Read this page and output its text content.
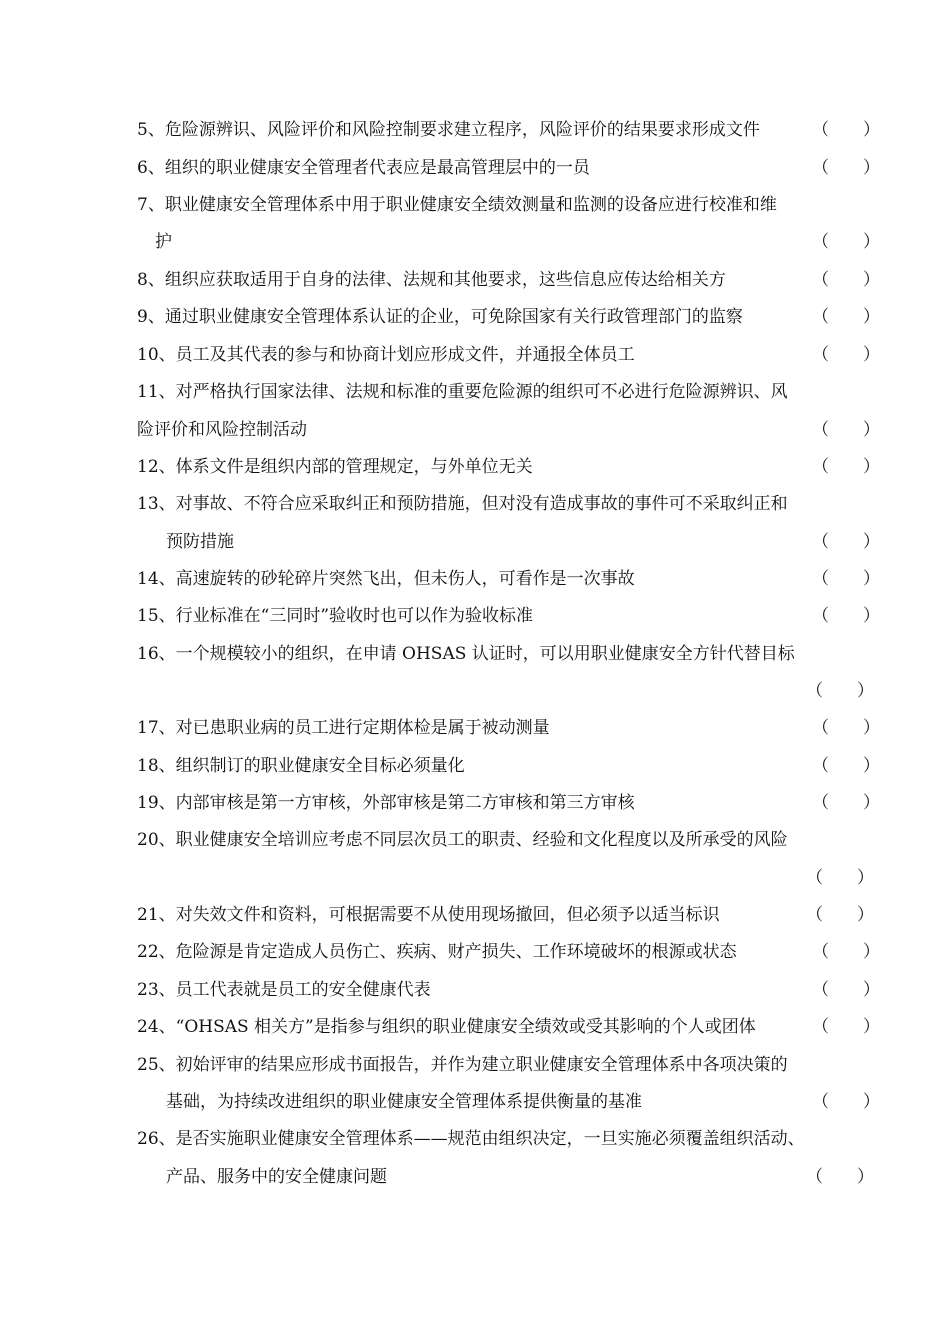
5、危险源辨识、风险评价和风险控制要求建立程序，风险评价的结果要求形成文件	（　　）
6、组织的职业健康安全管理者代表应是最高管理层中的一员	（　　）
7、职业健康安全管理体系中用于职业健康安全绩效测量和监测的设备应进行校准和维
护	（　　）
8、组织应获取适用于自身的法律、法规和其他要求，这些信息应传达给相关方	（　　）
9、通过职业健康安全管理体系认证的企业，可免除国家有关行政管理部门的监察	（　　）
10、员工及其代表的参与和协商计划应形成文件，并通报全体员工	（　　）
11、对严格执行国家法律、法规和标准的重要危险源的组织可不必进行危险源辨识、风
险评价和风险控制活动	（　　）
12、体系文件是组织内部的管理规定，与外单位无关	（　　）
13、对事故、不符合应采取纠正和预防措施，但对没有造成事故的事件可不采取纠正和
预防措施	（　　）
14、高速旋转的砂轮碎片突然飞出，但未伤人，可看作是一次事故	（　　）
15、行业标准在“三同时”验收时也可以作为验收标准	（　　）
16、一个规模较小的组织，在申请 OHSAS 认证时，可以用职业健康安全方针代替目标
（　　）
17、对已患职业病的员工进行定期体检是属于被动测量	（　　）
18、组织制订的职业健康安全目标必须量化	（　　）
19、内部审核是第一方审核，外部审核是第二方审核和第三方审核	（　　）
20、职业健康安全培训应考虑不同层次员工的职责、经验和文化程度以及所承受的风险
（　　）
21、对失效文件和资料，可根据需要不从使用现场撤回，但必须予以适当标识	（　　）
22、危险源是肯定造成人员伤亡、疾病、财产损失、工作环境破坏的根源或状态	（　　）
23、员工代表就是员工的安全健康代表	（　　）
24、“OHSAS 相关方”是指参与组织的职业健康安全绩效或受其影响的个人或团体	（　　）
25、初始评审的结果应形成书面报告，并作为建立职业健康安全管理体系中各项决策的
基础，为持续改进组织的职业健康安全管理体系提供衡量的基准	（　　）
26、是否实施职业健康安全管理体系——规范由组织决定，一旦实施必须覆盖组织活动、
产品、服务中的安全健康问题	（　　）
